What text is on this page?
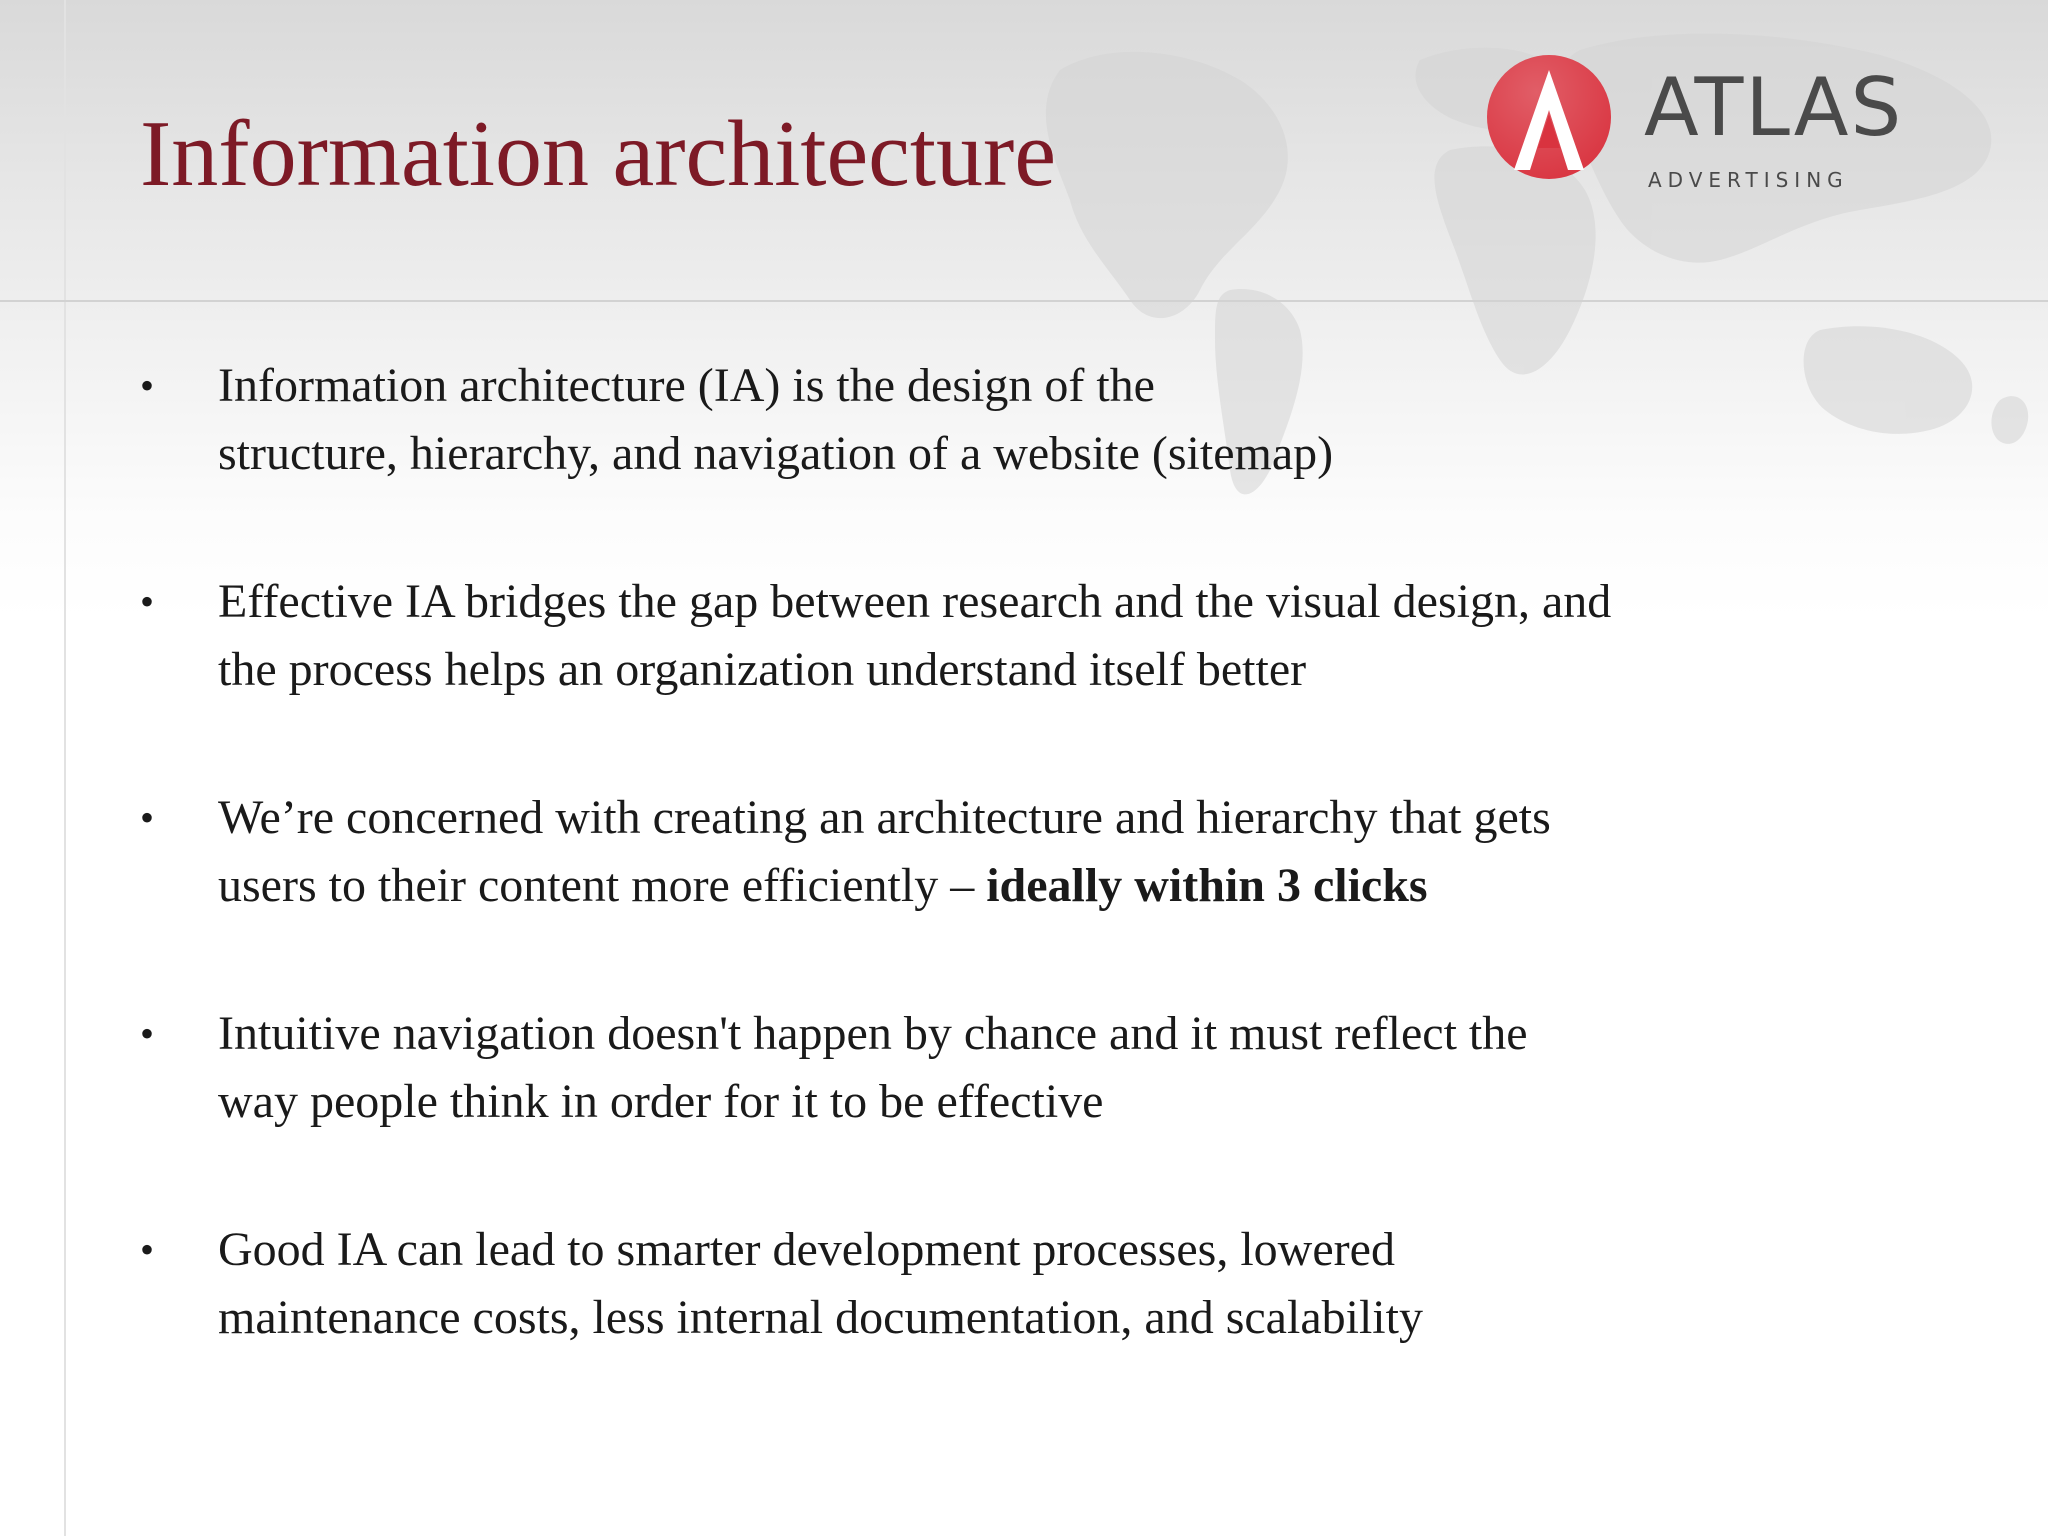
Information architecture	ATLAS
ADVERTISING
•	Information architecture (IA) is the design of the
structure, hierarchy, and navigation of a website (sitemap)
•	Effective IA bridges the gap between research and the visual design, and
the process helps an organization understand itself better
•	We’re concerned with creating an architecture and hierarchy that gets
users to their content more efficiently – ideally within 3 clicks
•	Intuitive navigation doesn't happen by chance and it must reflect the
way people think in order for it to be effective
•	Good IA can lead to smarter development processes, lowered
maintenance costs, less internal documentation, and scalability
